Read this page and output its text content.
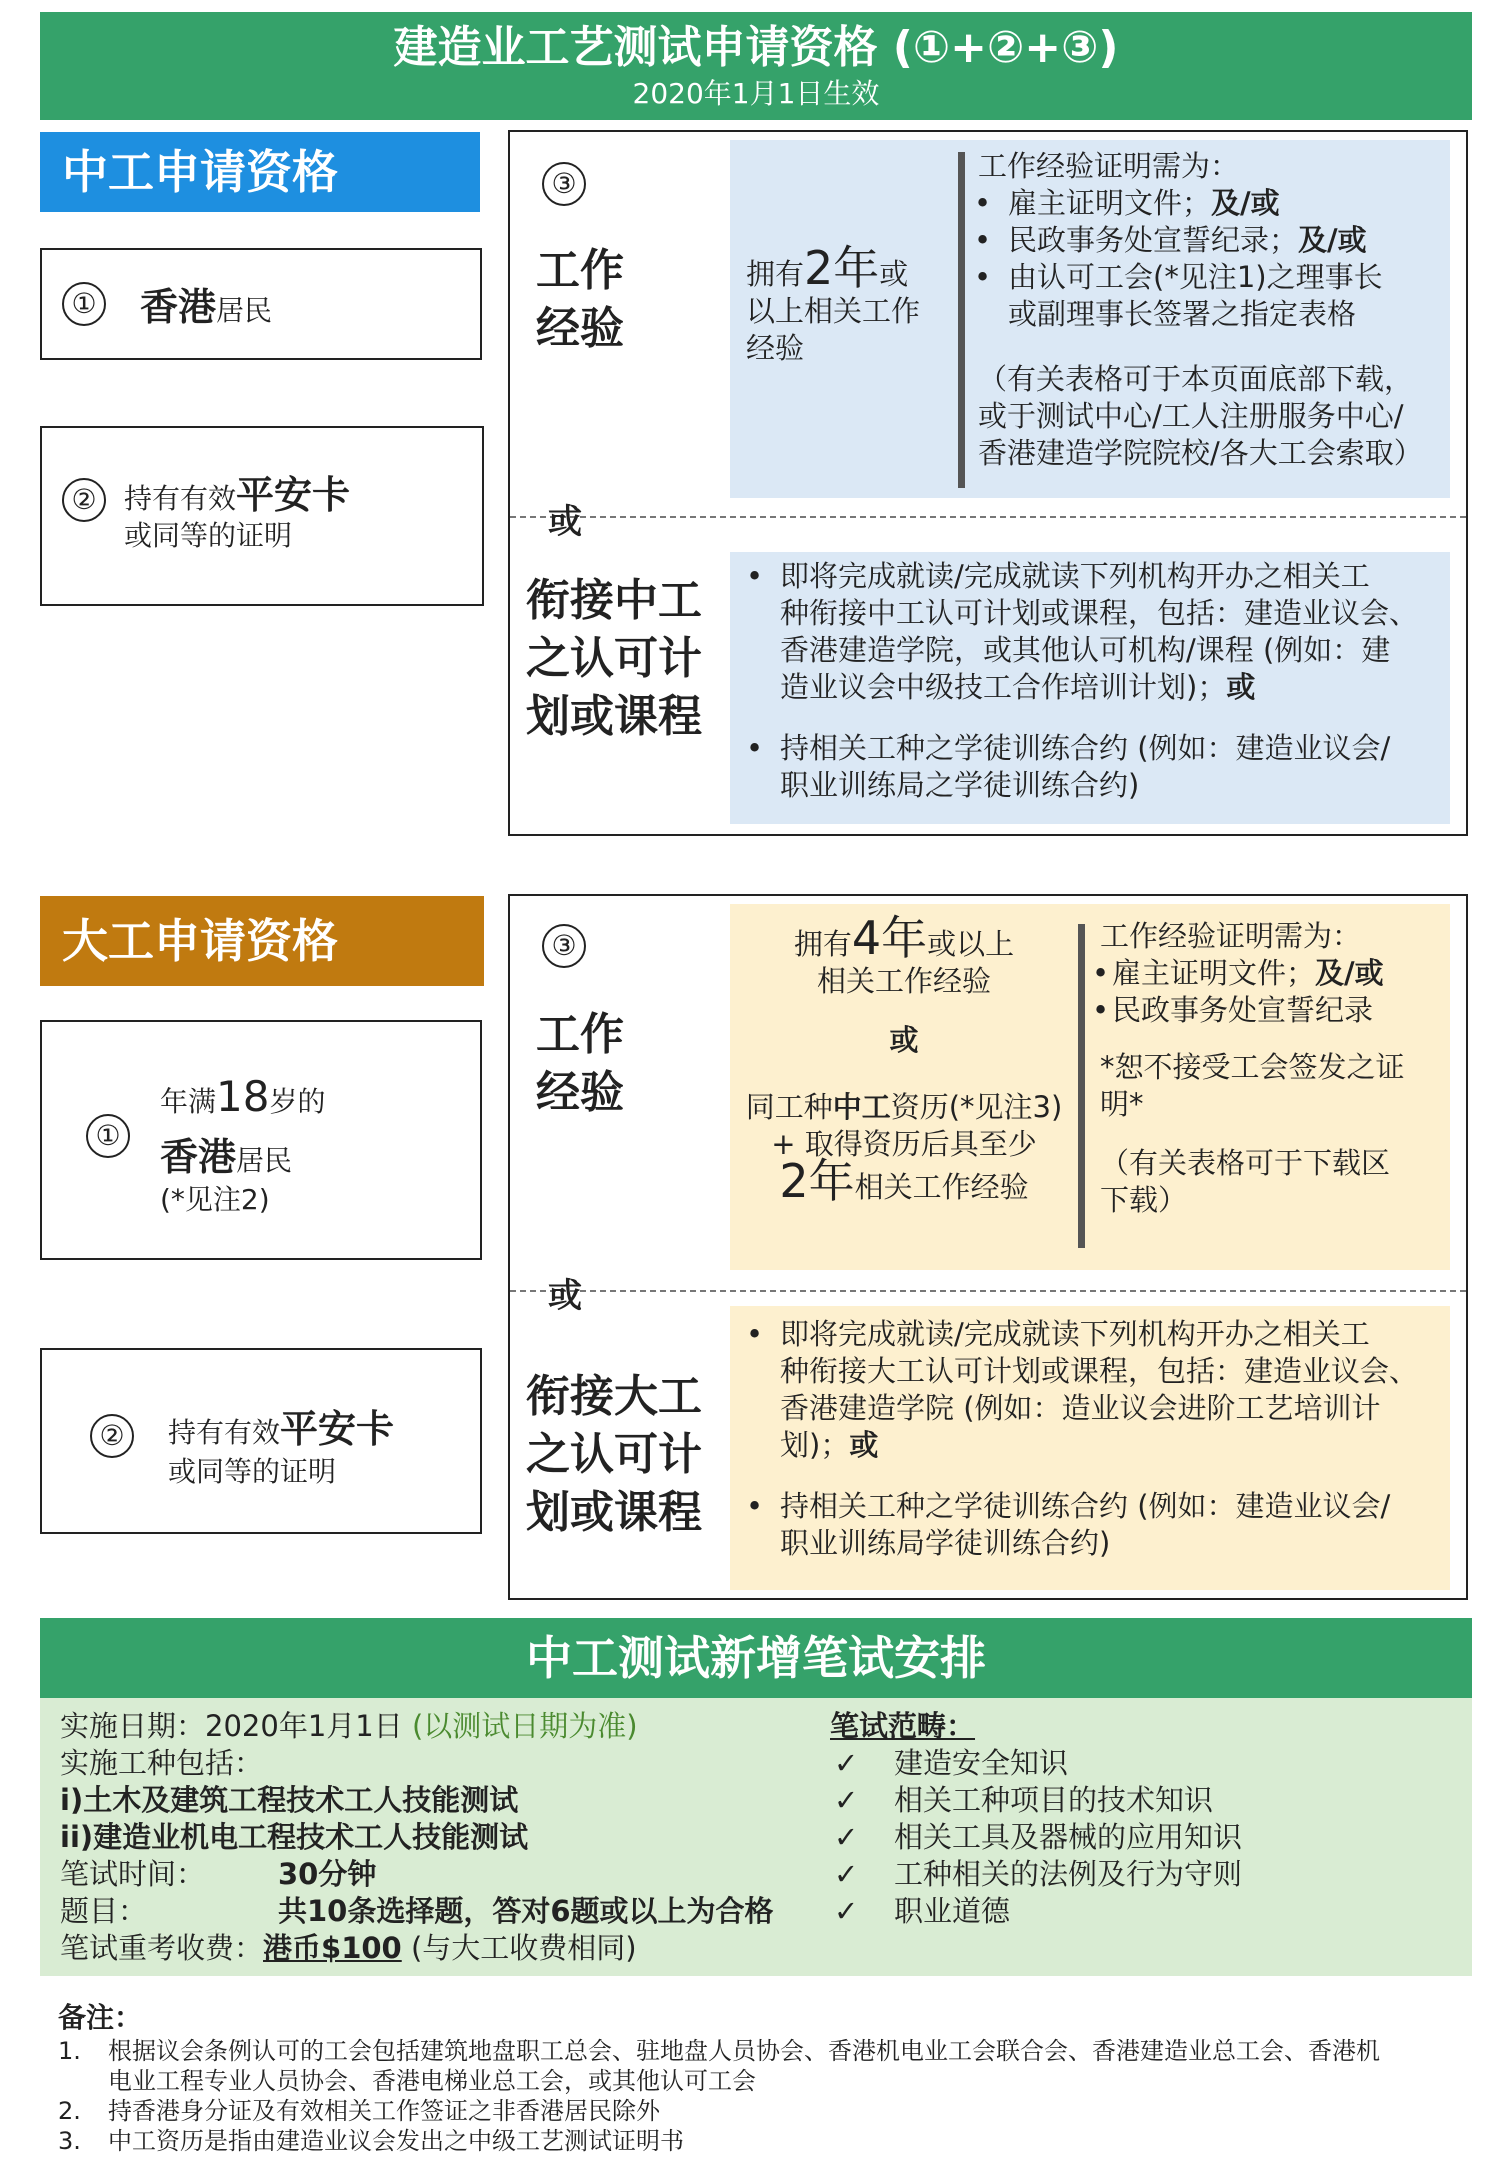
建造业工艺测试申请资格 (①+②+③)
2020年1月1日生效
中工申请资格
① 香港居民
② 持有有效平安卡
或同等的证明
③
工作
经验
拥有2年或
以上相关工作
经验
工作经验证明需为：
• 雇主证明文件；及/或
• 民政事务处宣誓纪录；及/或
• 由认可工会(*见注1)之理事长
或副理事长签署之指定表格
（有关表格可于本页面底部下载，
或于测试中心/工人注册服务中心/
香港建造学院院校/各大工会索取）
或
衔接中工
之认可计
划或课程
• 即将完成就读/完成就读下列机构开办之相关工
种衔接中工认可计划或课程，包括：建造业议会、
香港建造学院，或其他认可机构/课程 (例如：建
造业议会中级技工合作培训计划)；或
• 持相关工种之学徒训练合约 (例如：建造业议会/
职业训练局之学徒训练合约)
大工申请资格
①
年满18岁的
香港居民
(*见注2)
②	持有有效平安卡
或同等的证明
③
工作
经验
拥有4年或以上
相关工作经验
或
同工种中工资历(*见注3)
+ 取得资历后具至少
2年相关工作经验
工作经验证明需为：
• 雇主证明文件；及/或
• 民政事务处宣誓纪录
*恕不接受工会签发之证
明*
（有关表格可于下载区
下载）
或
衔接大工
之认可计
划或课程
• 即将完成就读/完成就读下列机构开办之相关工
种衔接大工认可计划或课程，包括：建造业议会、
香港建造学院 (例如：造业议会进阶工艺培训计
划)；或
• 持相关工种之学徒训练合约 (例如：建造业议会/
职业训练局学徒训练合约)
中工测试新增笔试安排
实施日期：2020年1月1日 (以测试日期为准)
实施工种包括：
i)土木及建筑工程技术工人技能测试
ii)建造业机电工程技术工人技能测试
笔试时间：	30分钟
题目：	共10条选择题，答对6题或以上为合格
笔试重考收费：港币$100 (与大工收费相同)
笔试范畴：
✓ 建造安全知识
✓ 相关工种项目的技术知识
✓ 相关工具及器械的应用知识
✓ 工种相关的法例及行为守则
✓ 职业道德
备注：
1. 根据议会条例认可的工会包括建筑地盘职工总会、驻地盘人员协会、香港机电业工会联合会、香港建造业总工会、香港机
电业工程专业人员协会、香港电梯业总工会，或其他认可工会
2. 持香港身分证及有效相关工作签证之非香港居民除外
3. 中工资历是指由建造业议会发出之中级工艺测试证明书
